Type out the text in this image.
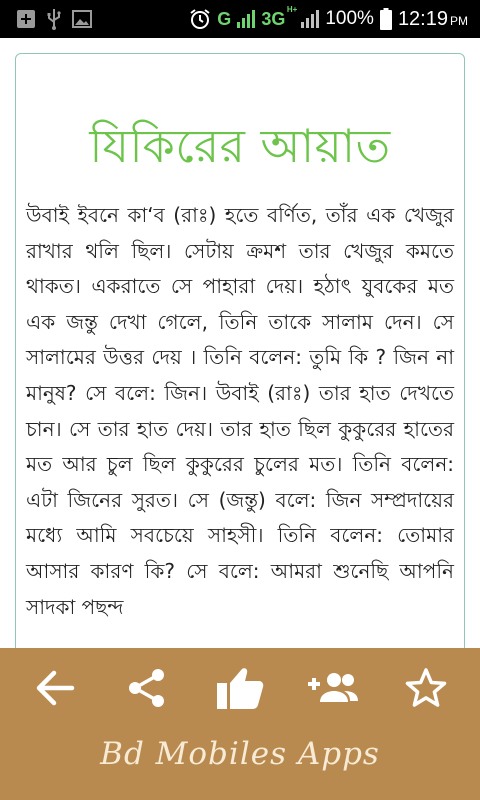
G 3G H+ 100% 12:19 PM
যিকিরের আয়াত
উবাই ইবনে কা‘ব (রাঃ) হতে বর্ণিত, তাঁর এক খেজুর রাখার থলি ছিল। সেটায় ক্রমশ তার খেজুর কমতে থাকত। একরাতে সে পাহারা দেয়। হঠাৎ যুবকের মত এক জন্তু দেখা গেলে, তিনি তাকে সালাম দেন। সে সালামের উত্তর দেয় । তিনি বলেন: তুমি কি ? জিন না মানুষ? সে বলে: জিন। উবাই (রাঃ) তার হাত দেখতে চান। সে তার হাত দেয়। তার হাত ছিল কুকুরের হাতের মত আর চুল ছিল কুকুরের চুলের মত। তিনি বলেন: এটা জিনের সুরত। সে (জন্তু) বলে: জিন সম্প্রদায়ের মধ্যে আমি সবচেয়ে সাহসী। তিনি বলেন: তোমার আসার কারণ কি? সে বলে: আমরা শুনেছি আপনি সাদকা পছন্দ
Bd Mobiles Apps
